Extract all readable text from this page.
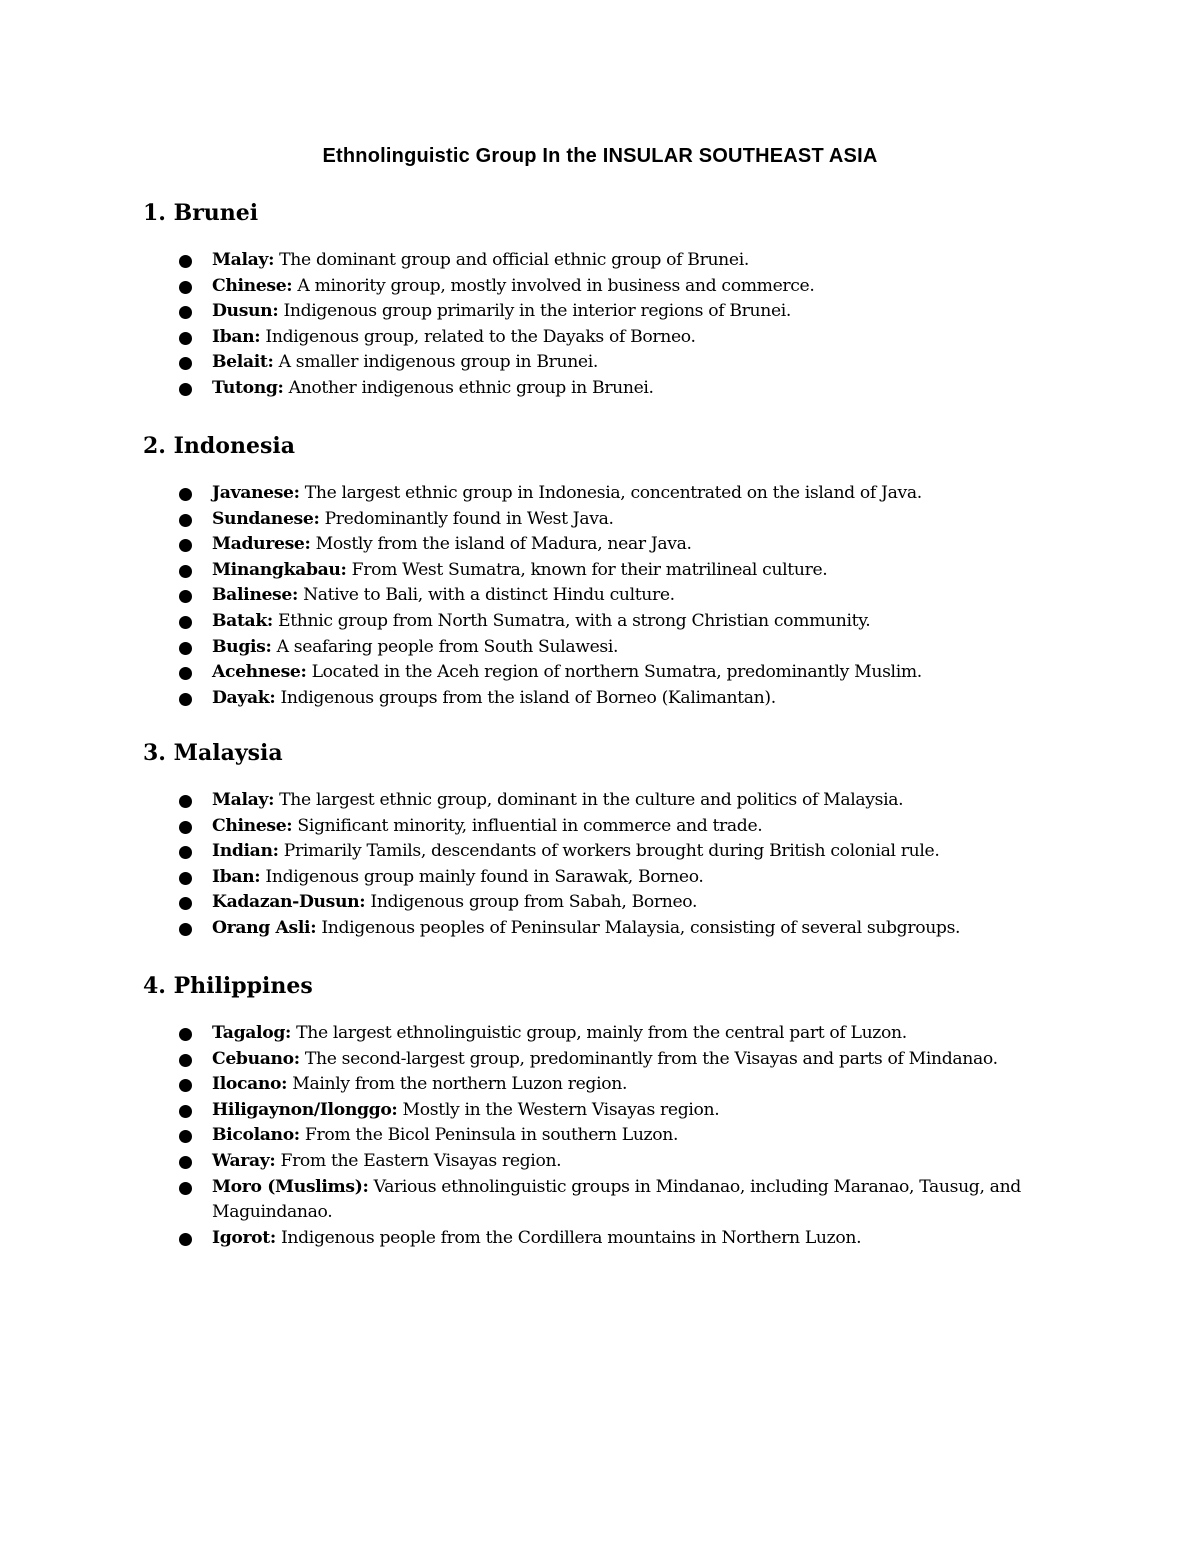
Ethnolinguistic Group In the INSULAR SOUTHEAST ASIA
1. Brunei
Malay: The dominant group and official ethnic group of Brunei.
Chinese: A minority group, mostly involved in business and commerce.
Dusun: Indigenous group primarily in the interior regions of Brunei.
Iban: Indigenous group, related to the Dayaks of Borneo.
Belait: A smaller indigenous group in Brunei.
Tutong: Another indigenous ethnic group in Brunei.
2. Indonesia
Javanese: The largest ethnic group in Indonesia, concentrated on the island of Java.
Sundanese: Predominantly found in West Java.
Madurese: Mostly from the island of Madura, near Java.
Minangkabau: From West Sumatra, known for their matrilineal culture.
Balinese: Native to Bali, with a distinct Hindu culture.
Batak: Ethnic group from North Sumatra, with a strong Christian community.
Bugis: A seafaring people from South Sulawesi.
Acehnese: Located in the Aceh region of northern Sumatra, predominantly Muslim.
Dayak: Indigenous groups from the island of Borneo (Kalimantan).
3. Malaysia
Malay: The largest ethnic group, dominant in the culture and politics of Malaysia.
Chinese: Significant minority, influential in commerce and trade.
Indian: Primarily Tamils, descendants of workers brought during British colonial rule.
Iban: Indigenous group mainly found in Sarawak, Borneo.
Kadazan-Dusun: Indigenous group from Sabah, Borneo.
Orang Asli: Indigenous peoples of Peninsular Malaysia, consisting of several subgroups.
4. Philippines
Tagalog: The largest ethnolinguistic group, mainly from the central part of Luzon.
Cebuano: The second-largest group, predominantly from the Visayas and parts of Mindanao.
Ilocano: Mainly from the northern Luzon region.
Hiligaynon/Ilonggo: Mostly in the Western Visayas region.
Bicolano: From the Bicol Peninsula in southern Luzon.
Waray: From the Eastern Visayas region.
Moro (Muslims): Various ethnolinguistic groups in Mindanao, including Maranao, Tausug, and Maguindanao.
Igorot: Indigenous people from the Cordillera mountains in Northern Luzon.
